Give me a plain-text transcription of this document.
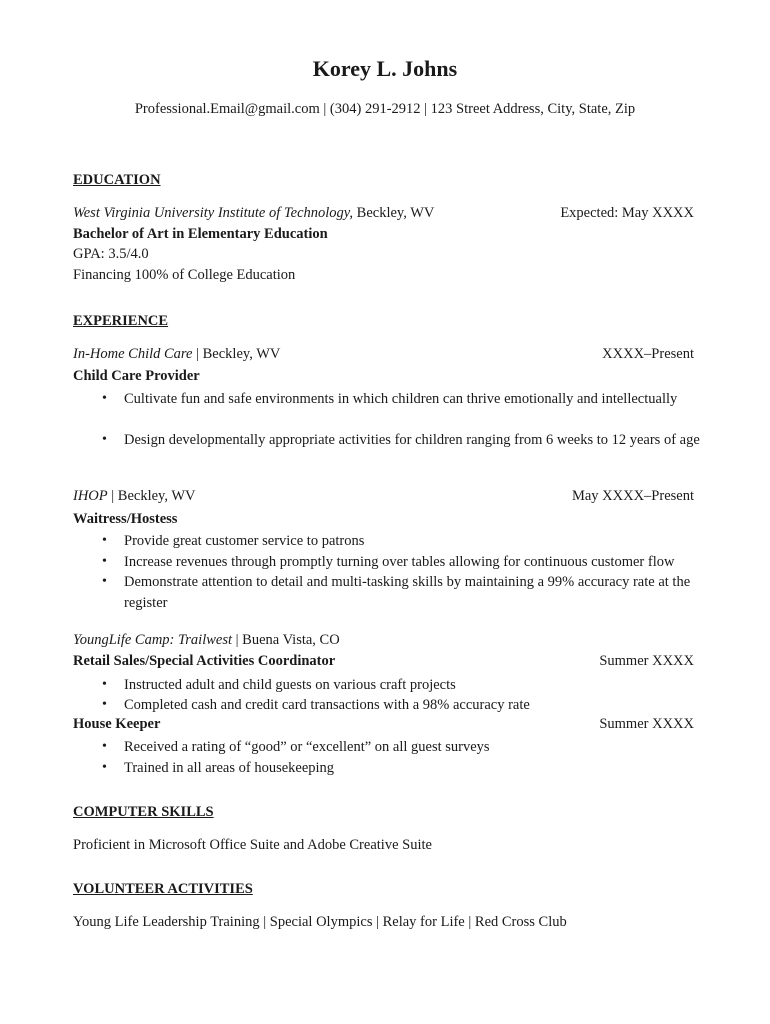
Korey L. Johns
Professional.Email@gmail.com | (304) 291-2912 | 123 Street Address, City, State, Zip
EDUCATION
West Virginia University Institute of Technology, Beckley, WV	Expected: May XXXX
Bachelor of Art in Elementary Education
GPA: 3.5/4.0
Financing 100% of College Education
EXPERIENCE
In-Home Child Care | Beckley, WV	XXXX–Present
Child Care Provider
• Cultivate fun and safe environments in which children can thrive emotionally and intellectually
• Design developmentally appropriate activities for children ranging from 6 weeks to 12 years of age
IHOP | Beckley, WV	May XXXX–Present
Waitress/Hostess
• Provide great customer service to patrons
• Increase revenues through promptly turning over tables allowing for continuous customer flow
• Demonstrate attention to detail and multi-tasking skills by maintaining a 99% accuracy rate at the register
YoungLife Camp: Trailwest | Buena Vista, CO
Retail Sales/Special Activities Coordinator	Summer XXXX
• Instructed adult and child guests on various craft projects
• Completed cash and credit card transactions with a 98% accuracy rate
House Keeper	Summer XXXX
• Received a rating of “good” or “excellent” on all guest surveys
• Trained in all areas of housekeeping
COMPUTER SKILLS
Proficient in Microsoft Office Suite and Adobe Creative Suite
VOLUNTEER ACTIVITIES
Young Life Leadership Training | Special Olympics | Relay for Life | Red Cross Club
